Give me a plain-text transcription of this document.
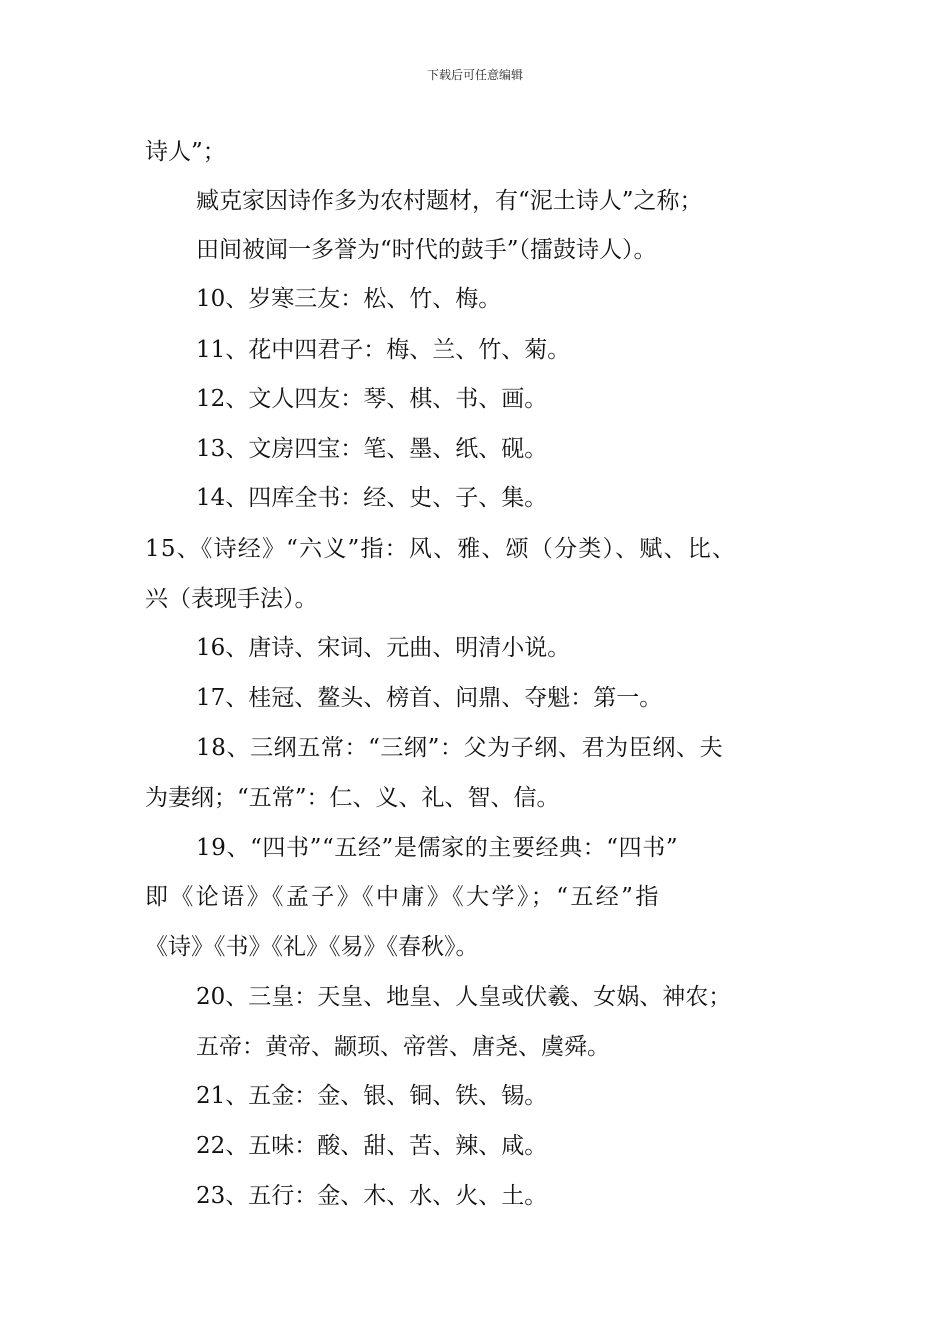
下载后可任意编辑
诗人”；
臧克家因诗作多为农村题材，有“泥土诗人”之称；
田间被闻一多誉为“时代的鼓手”（擂鼓诗人）。
10、岁寒三友：松、竹、梅。
11、花中四君子：梅、兰、竹、菊。
12、文人四友：琴、棋、书、画。
13、文房四宝：笔、墨、纸、砚。
14、四库全书：经、史、子、集。
15、《诗经》“六义”指：风、雅、颂（分类）、赋、比、
兴（表现手法）。
16、唐诗、宋词、元曲、明清小说。
17、桂冠、鳌头、榜首、问鼎、夺魁：第一。
18、三纲五常：“三纲”：父为子纲、君为臣纲、夫
为妻纲；“五常”：仁、义、礼、智、信。
19、“四书”“五经”是儒家的主要经典：“四书”
即《论语》《孟子》《中庸》《大学》；“五经”指
《诗》《书》《礼》《易》《春秋》。
20、三皇：天皇、地皇、人皇或伏羲、女娲、神农；
五帝：黄帝、颛顼、帝喾、唐尧、虞舜。
21、五金：金、银、铜、铁、锡。
22、五味：酸、甜、苦、辣、咸。
23、五行：金、木、水、火、土。
